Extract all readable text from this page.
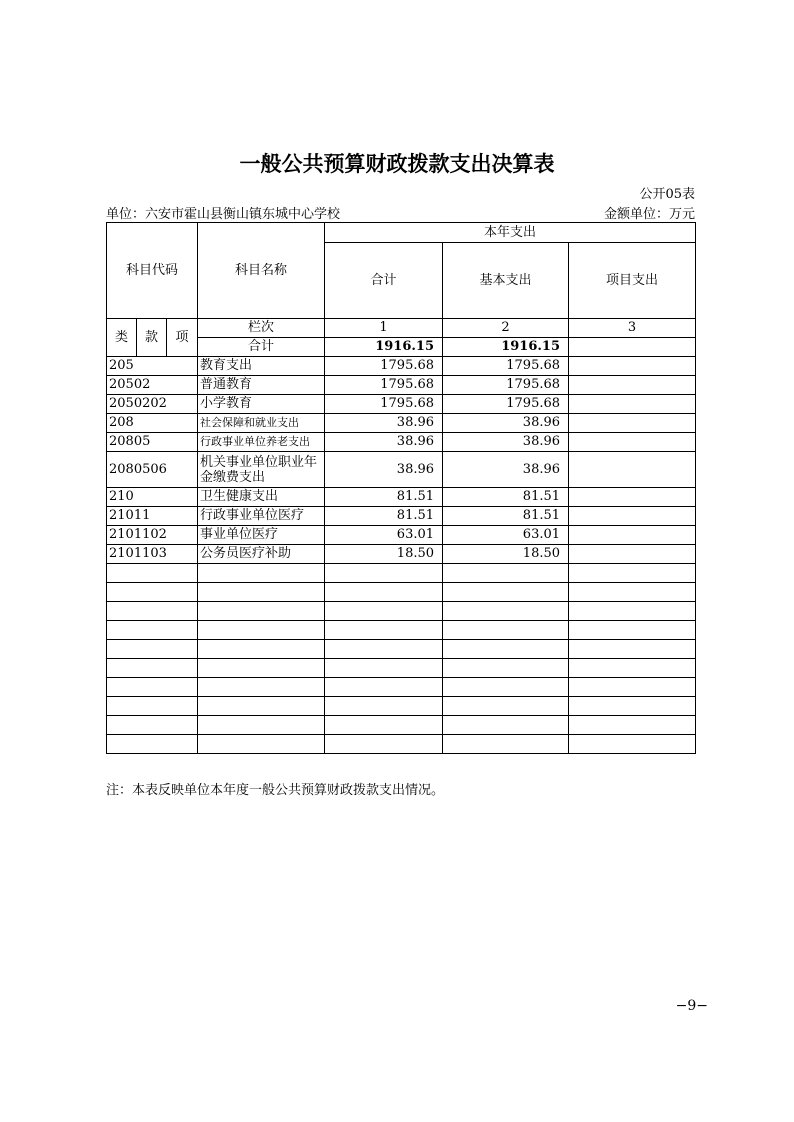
一般公共预算财政拨款支出决算表
公开05表
单位：六安市霍山县衡山镇东城中心学校	金额单位：万元
科目代码			科目名称	本年支出		
				合计	基本支出	项目支出
类	款	项	栏次	1	2	3
			合计	1916.15	1916.15	
205			教育支出	1795.68	1795.68	
20502			普通教育	1795.68	1795.68	
2050202			小学教育	1795.68	1795.68	
208			社会保障和就业支出	38.96	38.96	
20805			行政事业单位养老支出	38.96	38.96	
2080506			机关事业单位职业年金缴费支出	38.96	38.96	
210			卫生健康支出	81.51	81.51	
21011			行政事业单位医疗	81.51	81.51	
2101102			事业单位医疗	63.01	63.01	
2101103			公务员医疗补助	18.50	18.50	

注：本表反映单位本年度一般公共预算财政拨款支出情况。
−9−
